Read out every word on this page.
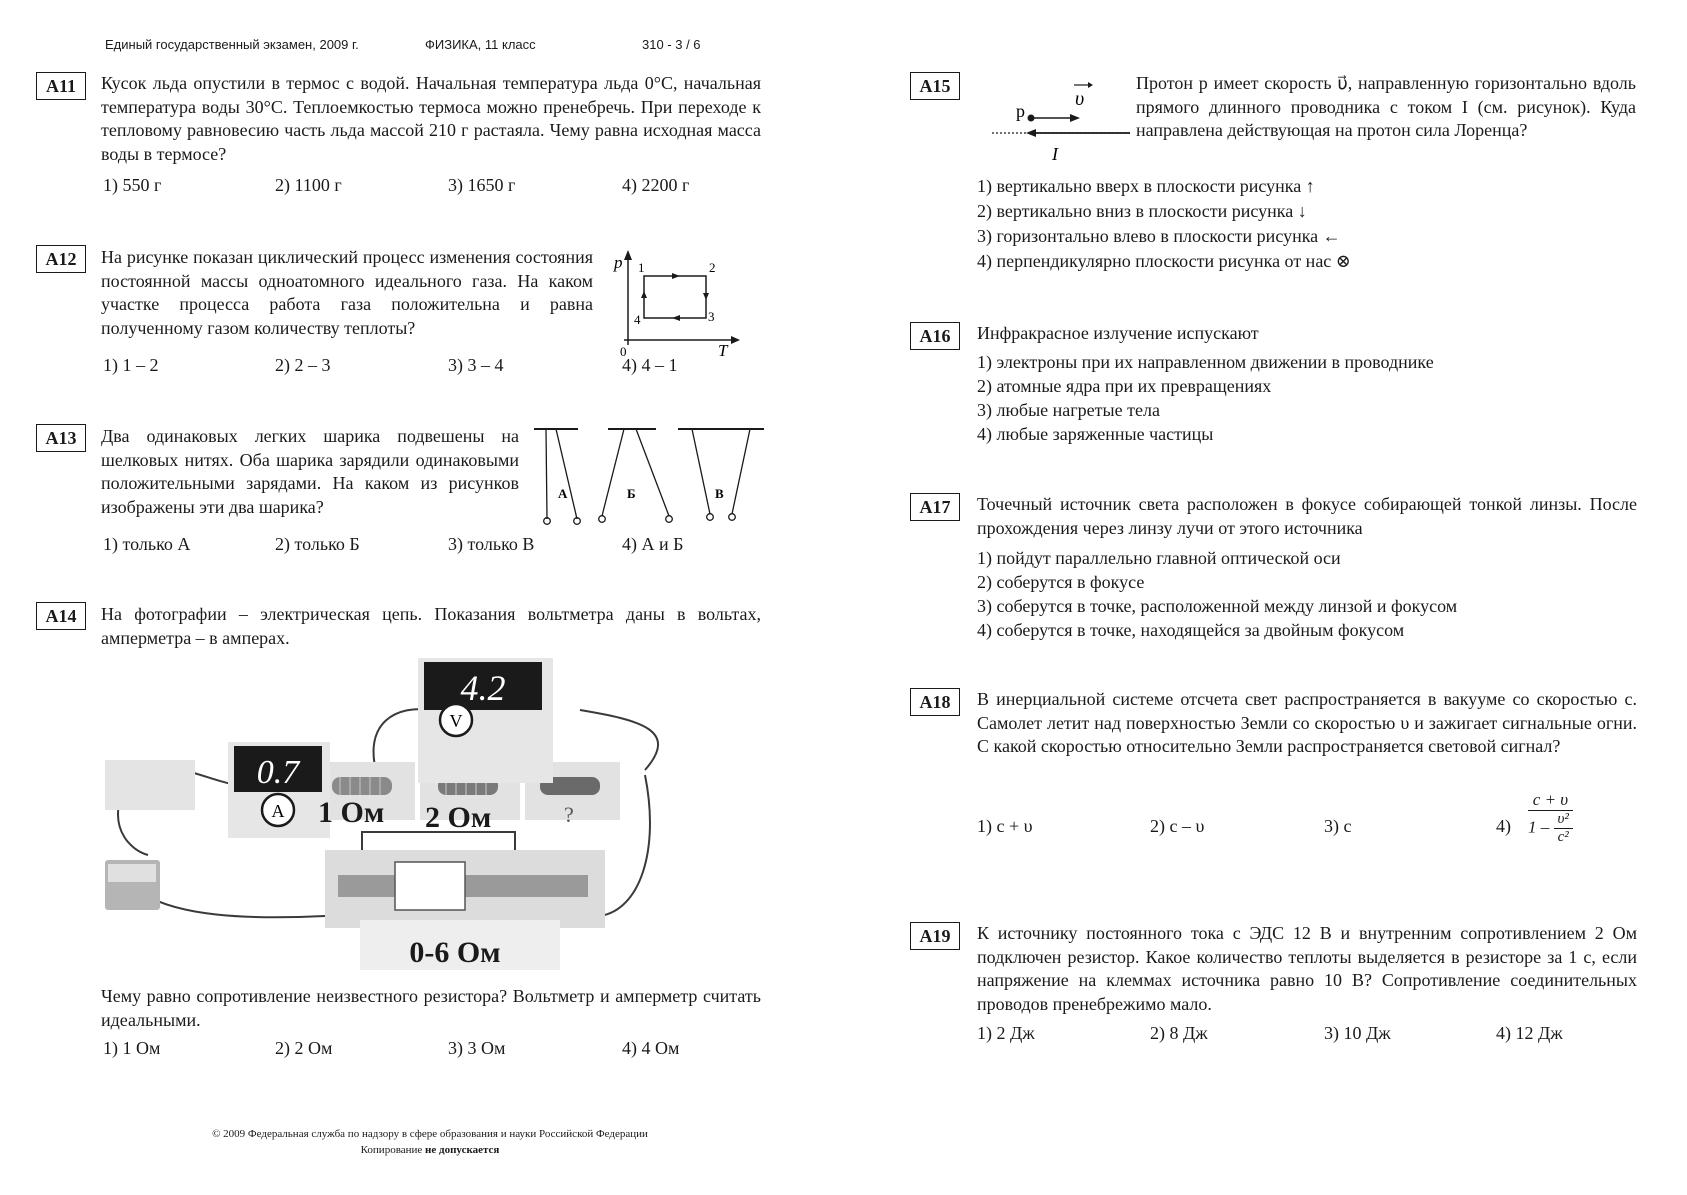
Единый государственный экзамен, 2009 г.	ФИЗИКА, 11 класс	310 - 3 / 6
A11	Кусок льда опустили в термос с водой. Начальная температура льда 0°C, начальная температура воды 30°C. Теплоемкостью термоса можно пренебречь. При переходе к тепловому равновесию часть льда массой 210 г растаяла. Чему равна исходная масса воды в термосе?
1) 550 г	2) 1100 г	3) 1650 г	4) 2200 г
A12	На рисунке показан циклический процесс изменения состояния постоянной массы одноатомного идеального газа. На каком участке процесса работа газа положительна и равна полученному газом количеству теплоты?
p
T
0
1	2
3
4
1) 1 – 2	2) 2 – 3	3) 3 – 4	4) 4 – 1
A13	Два одинаковых легких шарика подвешены на шелковых нитях. Оба шарика зарядили одинаковыми положительными зарядами. На каком из рисунков изображены эти два шарика?
А	Б	В
1) только А	2) только Б	3) только В	4) А и Б
A14	На фотографии – электрическая цепь. Показания вольтметра даны в вольтах, амперметра – в амперах.
4.2
V
0.7
A 1 Ом 2 Ом	?
0-6 Ом
Чему равно сопротивление неизвестного резистора? Вольтметр и амперметр считать идеальными.
1) 1 Ом	2) 2 Ом	3) 3 Ом	4) 4 Ом
© 2009 Федеральная служба по надзору в сфере образования и науки Российской Федерации
Копирование не допускается
A15
p
υ
I
Протон p имеет скорость υ⃗, направленную горизонтально вдоль прямого длинного проводника с током I (см. рисунок). Куда направлена действующая на протон сила Лоренца?
1) вертикально вверх в плоскости рисунка ↑
2) вертикально вниз в плоскости рисунка ↓
3) горизонтально влево в плоскости рисунка ←
4) перпендикулярно плоскости рисунка от нас ⊗
A16	Инфракрасное излучение испускают
1) электроны при их направленном движении в проводнике
2) атомные ядра при их превращениях
3) любые нагретые тела
4) любые заряженные частицы
A17	Точечный источник света расположен в фокусе собирающей тонкой линзы. После прохождения через линзу лучи от этого источника
1) пойдут параллельно главной оптической оси
2) соберутся в фокусе
3) соберутся в точке, расположенной между линзой и фокусом
4) соберутся в точке, находящейся за двойным фокусом
A18	В инерциальной системе отсчета свет распространяется в вакууме со скоростью c. Самолет летит над поверхностью Земли со скоростью υ и зажигает сигнальные огни. С какой скоростью относительно Земли распространяется световой сигнал?
1) c + υ	2) c – υ	3) c	$4) \frac{c + \upsilon}{1 - \frac{\text{υ²}}{\text{c²}}}$
A19	К источнику постоянного тока с ЭДС 12 В и внутренним сопротивлением 2 Ом подключен резистор. Какое количество теплоты выделяется в резисторе за 1 с, если напряжение на клеммах источника равно 10 В? Сопротивление соединительных проводов пренебрежимо мало.
1) 2 Дж	2) 8 Дж	3) 10 Дж	4) 12 Дж
